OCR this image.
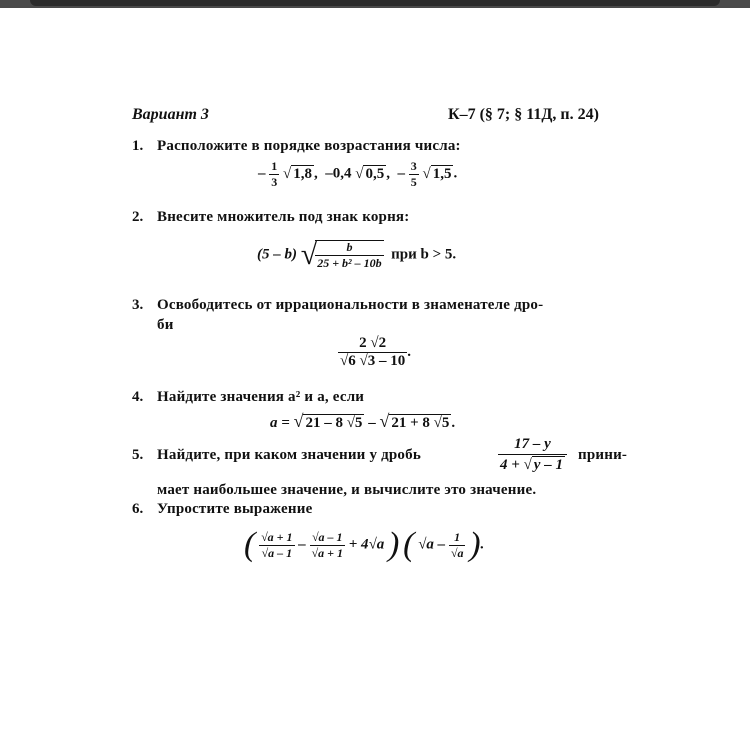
Вариант 3	К–7 (§ 7; § 11Д, п. 24)
1. Расположите в порядке возрастания числа:
– $\frac{1}{3}$ √ 1,8 , –0,4 √ 0,5 , – $\frac{3}{5}$ √ 1,5 .
2. Внесите множитель под знак корня:
(5 – b) √
$\frac{b}{\text{25 + b² – 10b}}$ при b > 5.
3. Освободитесь от иррациональности в знаменателе дро-
би
$\frac{2 √2}{√6 √3 - 10}$ .
4. Найдите значения a² и a, если
a = √ 21 – 8 √5 – √ 21 + 8 √5 .
5. Найдите, при каком значении y дробь	$\frac{17 - y}{4 + √ y - 1}$ прини-
мает наибольшее значение, и вычислите это значение.
6. Упростите выражение
( $\frac{√a + 1}{√a - 1} - \frac{√a - 1}{√a + 1} + 4√a$ ) ( $√a - \frac{1}{√a}$ ).
